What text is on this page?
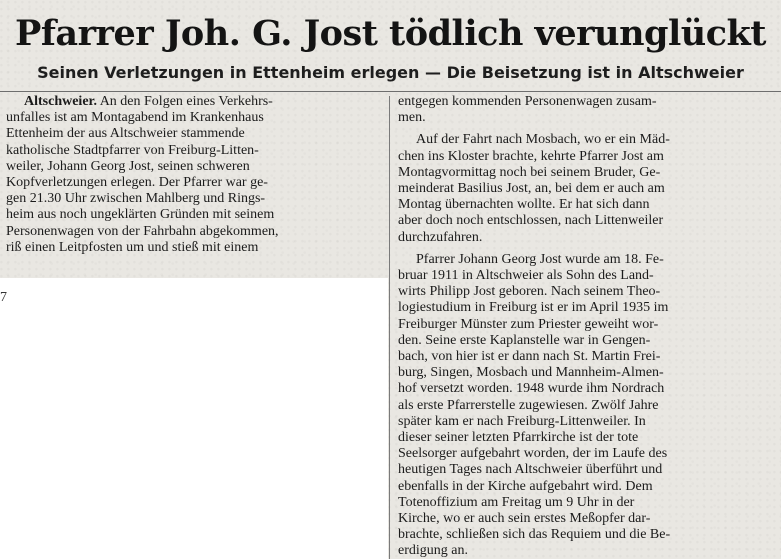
Pfarrer Joh. G. Jost tödlich verunglückt
Seinen Verletzungen in Ettenheim erlegen — Die Beisetzung ist in Altschweier
Altschweier. An den Folgen eines Verkehrs-
unfalles ist am Montagabend im Krankenhaus
Ettenheim der aus Altschweier stammende
katholische Stadtpfarrer von Freiburg-Litten-
weiler, Johann Georg Jost, seinen schweren
Kopfverletzungen erlegen. Der Pfarrer war ge-
gen 21.30 Uhr zwischen Mahlberg und Rings-
heim aus noch ungeklärten Gründen mit seinem
Personenwagen von der Fahrbahn abgekommen,
riß einen Leitpfosten um und stieß mit einem
entgegen kommenden Personenwagen zusam-
men.
Auf der Fahrt nach Mosbach, wo er ein Mäd-
chen ins Kloster brachte, kehrte Pfarrer Jost am
Montagvormittag noch bei seinem Bruder, Ge-
meinderat Basilius Jost, an, bei dem er auch am
Montag übernachten wollte. Er hat sich dann
aber doch noch entschlossen, nach Littenweiler
durchzufahren.
Pfarrer Johann Georg Jost wurde am 18. Fe-
bruar 1911 in Altschweier als Sohn des Land-
wirts Philipp Jost geboren. Nach seinem Theo-
logiestudium in Freiburg ist er im April 1935 im
Freiburger Münster zum Priester geweiht wor-
den. Seine erste Kaplanstelle war in Gengen-
bach, von hier ist er dann nach St. Martin Frei-
burg, Singen, Mosbach und Mannheim-Almen-
hof versetzt worden. 1948 wurde ihm Nordrach
als erste Pfarrerstelle zugewiesen. Zwölf Jahre
später kam er nach Freiburg-Littenweiler. In
dieser seiner letzten Pfarrkirche ist der tote
Seelsorger aufgebahrt worden, der im Laufe des
heutigen Tages nach Altschweier überführt und
ebenfalls in der Kirche aufgebahrt wird. Dem
Totenoffizium am Freitag um 9 Uhr in der
Kirche, wo er auch sein erstes Meßopfer dar-
brachte, schließen sich das Requiem und die Be-
erdigung an.
7
